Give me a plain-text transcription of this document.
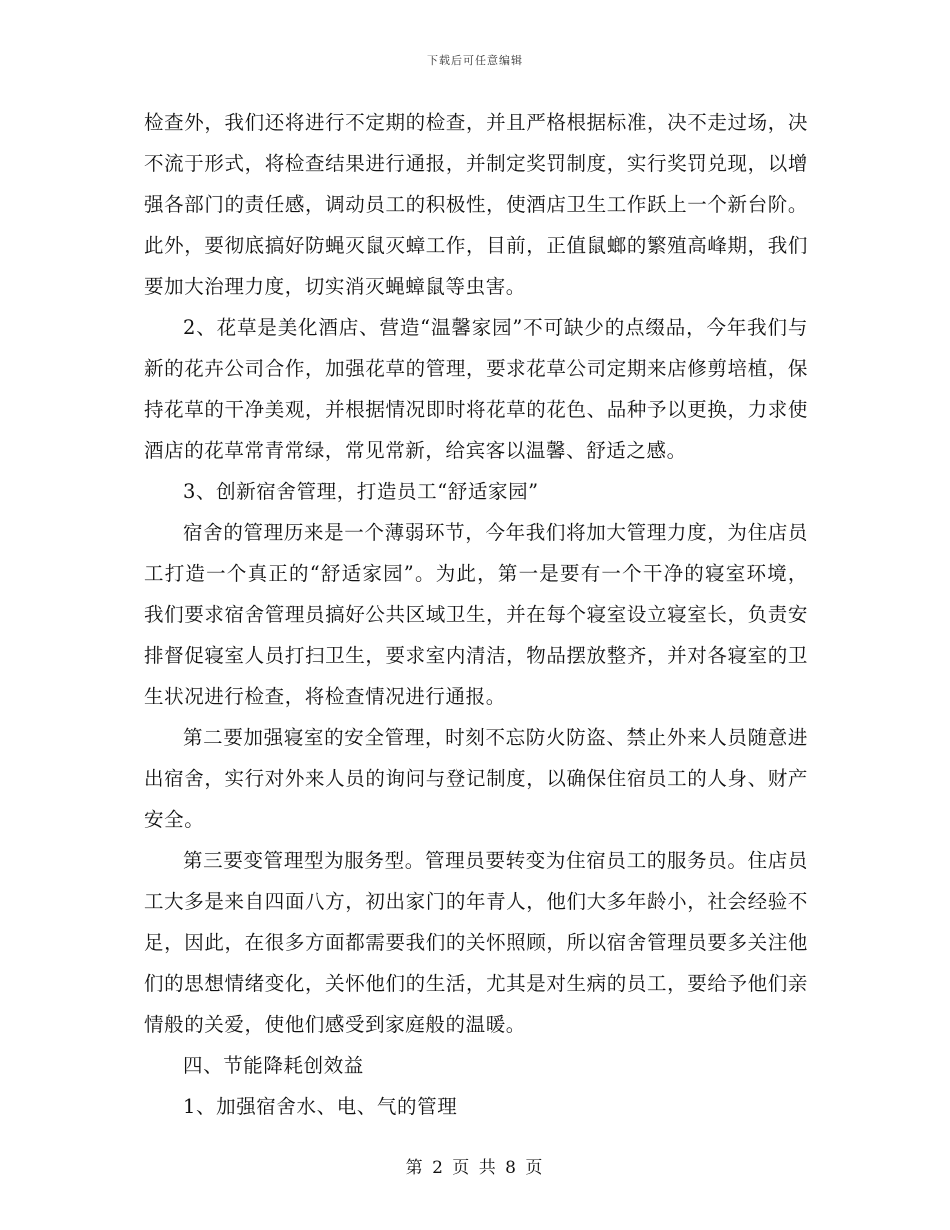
下载后可任意编辑

检查外，我们还将进行不定期的检查，并且严格根据标准，决不走过场，决不流于形式，将检查结果进行通报，并制定奖罚制度，实行奖罚兑现，以增强各部门的责任感，调动员工的积极性，使酒店卫生工作跃上一个新台阶。此外，要彻底搞好防蝇灭鼠灭蟑工作，目前，正值鼠螂的繁殖高峰期，我们要加大治理力度，切实消灭蝇蟑鼠等虫害。

2、花草是美化酒店、营造“温馨家园”不可缺少的点缀品，今年我们与新的花卉公司合作，加强花草的管理，要求花草公司定期来店修剪培植，保持花草的干净美观，并根据情况即时将花草的花色、品种予以更换，力求使酒店的花草常青常绿，常见常新，给宾客以温馨、舒适之感。

3、创新宿舍管理，打造员工“舒适家园”

宿舍的管理历来是一个薄弱环节，今年我们将加大管理力度，为住店员工打造一个真正的“舒适家园”。为此，第一是要有一个干净的寝室环境，我们要求宿舍管理员搞好公共区域卫生，并在每个寝室设立寝室长，负责安排督促寝室人员打扫卫生，要求室内清洁，物品摆放整齐，并对各寝室的卫生状况进行检查，将检查情况进行通报。

第二要加强寝室的安全管理，时刻不忘防火防盗、禁止外来人员随意进出宿舍，实行对外来人员的询问与登记制度，以确保住宿员工的人身、财产安全。

第三要变管理型为服务型。管理员要转变为住宿员工的服务员。住店员工大多是来自四面八方，初出家门的年青人，他们大多年龄小，社会经验不足，因此，在很多方面都需要我们的关怀照顾，所以宿舍管理员要多关注他们的思想情绪变化，关怀他们的生活，尤其是对生病的员工，要给予他们亲情般的关爱，使他们感受到家庭般的温暖。

四、节能降耗创效益

1、加强宿舍水、电、气的管理

第 2 页 共 8 页
